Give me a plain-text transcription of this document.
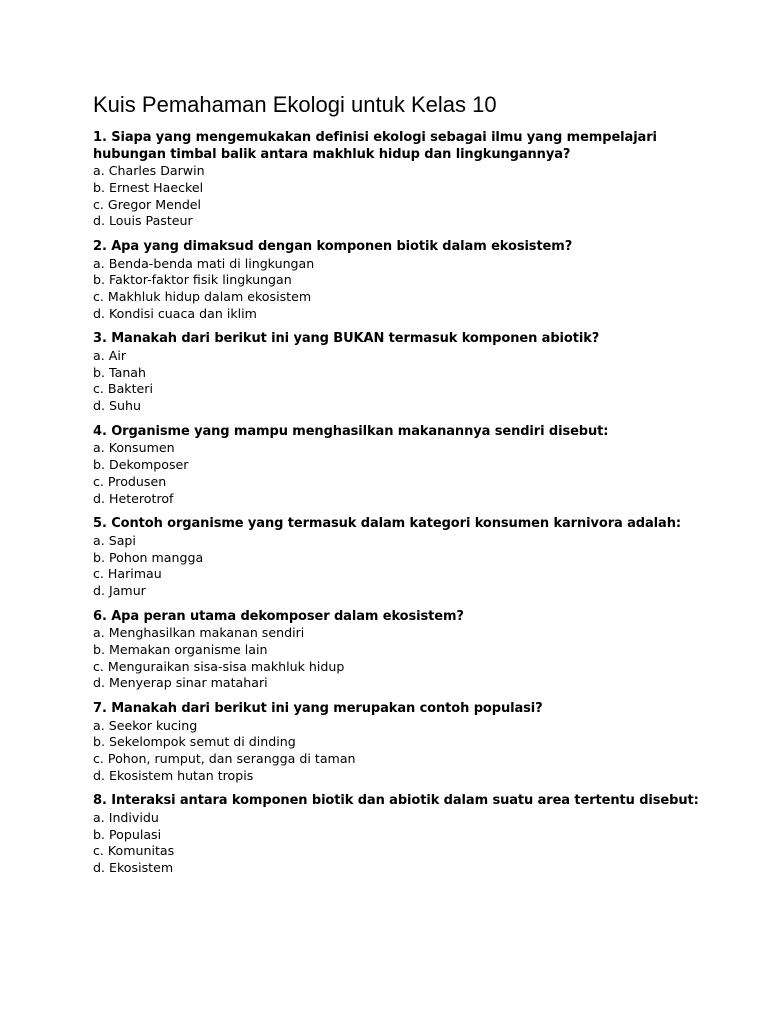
Kuis Pemahaman Ekologi untuk Kelas 10

1. Siapa yang mengemukakan definisi ekologi sebagai ilmu yang mempelajari hubungan timbal balik antara makhluk hidup dan lingkungannya?

a. Charles Darwin
b. Ernest Haeckel
c. Gregor Mendel
d. Louis Pasteur

2. Apa yang dimaksud dengan komponen biotik dalam ekosistem?

a. Benda-benda mati di lingkungan
b. Faktor-faktor fisik lingkungan
c. Makhluk hidup dalam ekosistem
d. Kondisi cuaca dan iklim

3. Manakah dari berikut ini yang BUKAN termasuk komponen abiotik?

a. Air
b. Tanah
c. Bakteri
d. Suhu

4. Organisme yang mampu menghasilkan makanannya sendiri disebut:

a. Konsumen
b. Dekomposer
c. Produsen
d. Heterotrof

5. Contoh organisme yang termasuk dalam kategori konsumen karnivora adalah:

a. Sapi
b. Pohon mangga
c. Harimau
d. Jamur

6. Apa peran utama dekomposer dalam ekosistem?

a. Menghasilkan makanan sendiri
b. Memakan organisme lain
c. Menguraikan sisa-sisa makhluk hidup
d. Menyerap sinar matahari

7. Manakah dari berikut ini yang merupakan contoh populasi?

a. Seekor kucing
b. Sekelompok semut di dinding
c. Pohon, rumput, dan serangga di taman
d. Ekosistem hutan tropis

8. Interaksi antara komponen biotik dan abiotik dalam suatu area tertentu disebut:

a. Individu
b. Populasi
c. Komunitas
d. Ekosistem
